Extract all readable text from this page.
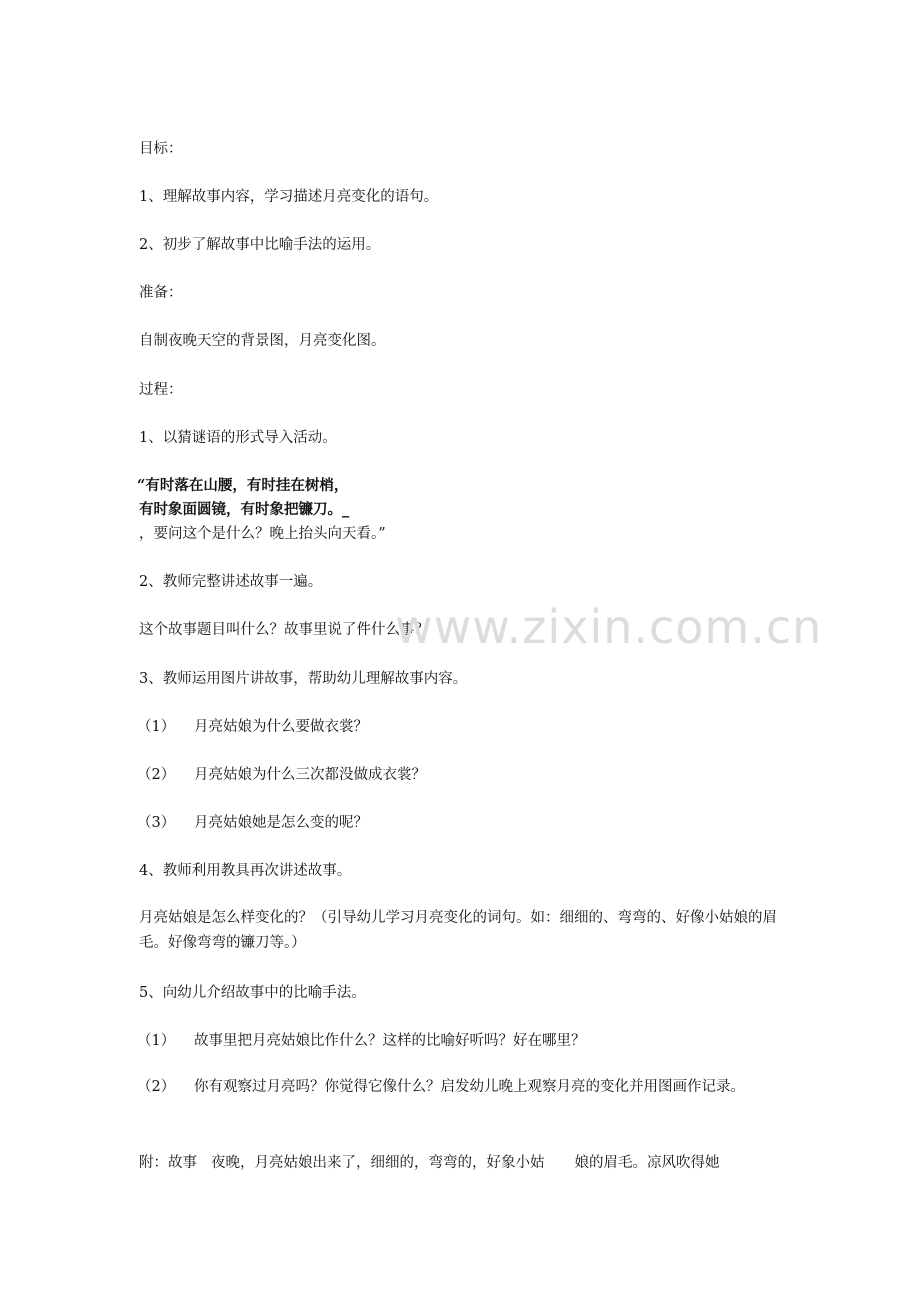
目标：
1、理解故事内容，学习描述月亮变化的语句。
2、初步了解故事中比喻手法的运用。
准备：
自制夜晚天空的背景图，月亮变化图。
过程：
1、以猜谜语的形式导入活动。
“有时落在山腰，有时挂在树梢，
有时象面圆镜，有时象把镰刀。_
，要问这个是什么？晚上抬头向天看。”
2、教师完整讲述故事一遍。
这个故事题目叫什么？故事里说了件什么事？
3、教师运用图片讲故事，帮助幼儿理解故事内容。
（1） 月亮姑娘为什么要做衣裳？
（2） 月亮姑娘为什么三次都没做成衣裳？
（3） 月亮姑娘她是怎么变的呢？
4、教师利用教具再次讲述故事。
月亮姑娘是怎么样变化的？（引导幼儿学习月亮变化的词句。如：细细的、弯弯的、好像小姑娘的眉毛。好像弯弯的镰刀等。）
5、向幼儿介绍故事中的比喻手法。
（1） 故事里把月亮姑娘比作什么？这样的比喻好听吗？好在哪里？
（2） 你有观察过月亮吗？你觉得它像什么？启发幼儿晚上观察月亮的变化并用图画作记录。
附：故事 夜晚，月亮姑娘出来了，细细的，弯弯的，好象小姑 娘的眉毛。凉风吹得她
www.zixin.com.cn
